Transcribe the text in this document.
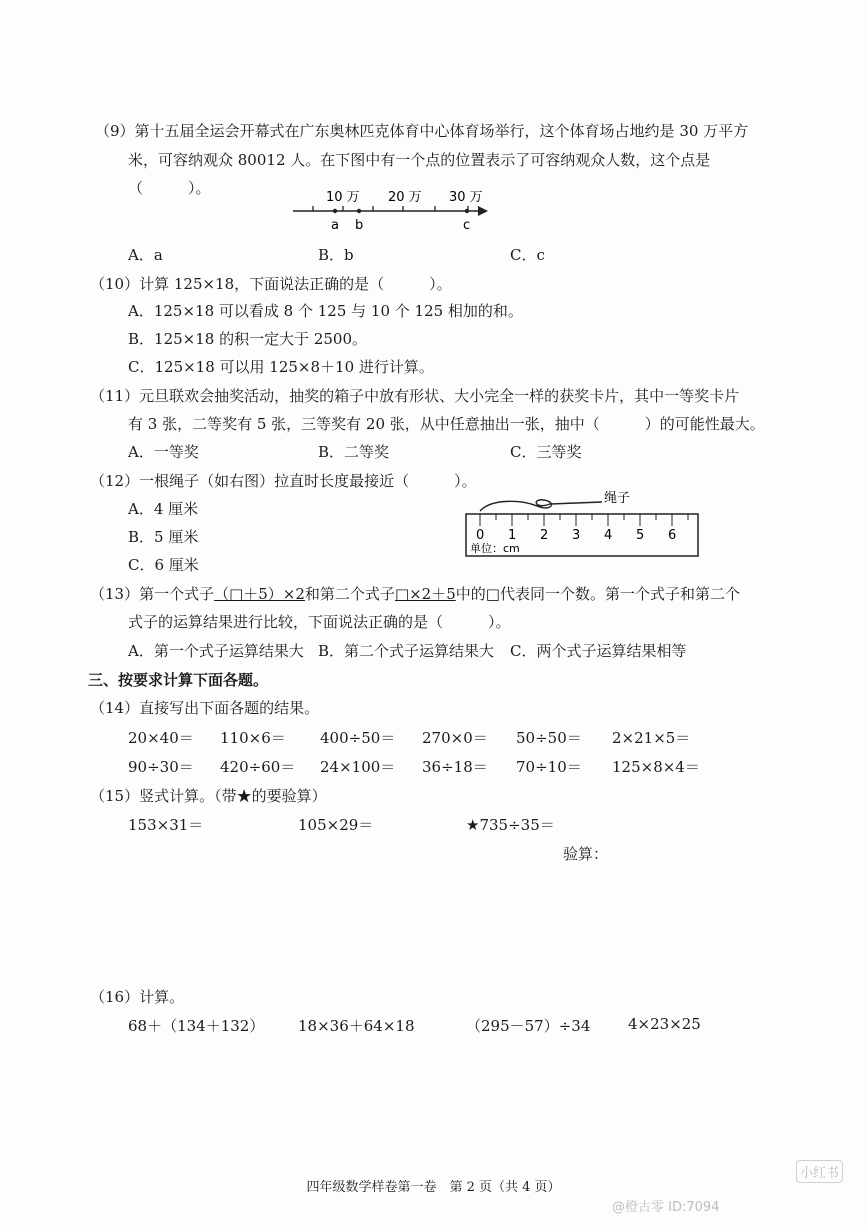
（9）第十五届全运会开幕式在广东奥林匹克体育中心体育场举行，这个体育场占地约是 30 万平方
米，可容纳观众 80012 人。在下图中有一个点的位置表示了可容纳观众人数，这个点是
（　　　）。
10 万 20 万 30 万
a b	c
A．a	B．b	C．c
（10）计算 125×18，下面说法正确的是（　　　）。
A．125×18 可以看成 8 个 125 与 10 个 125 相加的和。
B．125×18 的积一定大于 2500。
C．125×18 可以用 125×8＋10 进行计算。
（11）元旦联欢会抽奖活动，抽奖的箱子中放有形状、大小完全一样的获奖卡片，其中一等奖卡片
有 3 张，二等奖有 5 张，三等奖有 20 张，从中任意抽出一张，抽中（　　　）的可能性最大。
A．一等奖	B．二等奖	C．三等奖
（12）一根绳子（如右图）拉直时长度最接近（　　　）。
A．4 厘米
B．5 厘米
C．6 厘米
绳子
0 1 2 3 4 5 6
单位：cm
（13）第一个式子（□＋5）×2和第二个式子□×2＋5中的□代表同一个数。第一个式子和第二个
式子的运算结果进行比较，下面说法正确的是（　　　）。
A．第一个式子运算结果大 B．第二个式子运算结果大 C．两个式子运算结果相等
三、按要求计算下面各题。
（14）直接写出下面各题的结果。
20×40＝ 110×6＝ 400÷50＝ 270×0＝ 50÷50＝ 2×21×5＝
90÷30＝ 420÷60＝ 24×100＝ 36÷18＝ 70÷10＝ 125×8×4＝
（15）竖式计算。（带★的要验算）
153×31＝	105×29＝	★735÷35＝
验算：
（16）计算。
68＋（134＋132） 18×36＋64×18	（295－57）÷34	4×23×25
四年级数学样卷第一卷　第 2 页（共 4 页）
小红书
@橙古零 ID:7094
